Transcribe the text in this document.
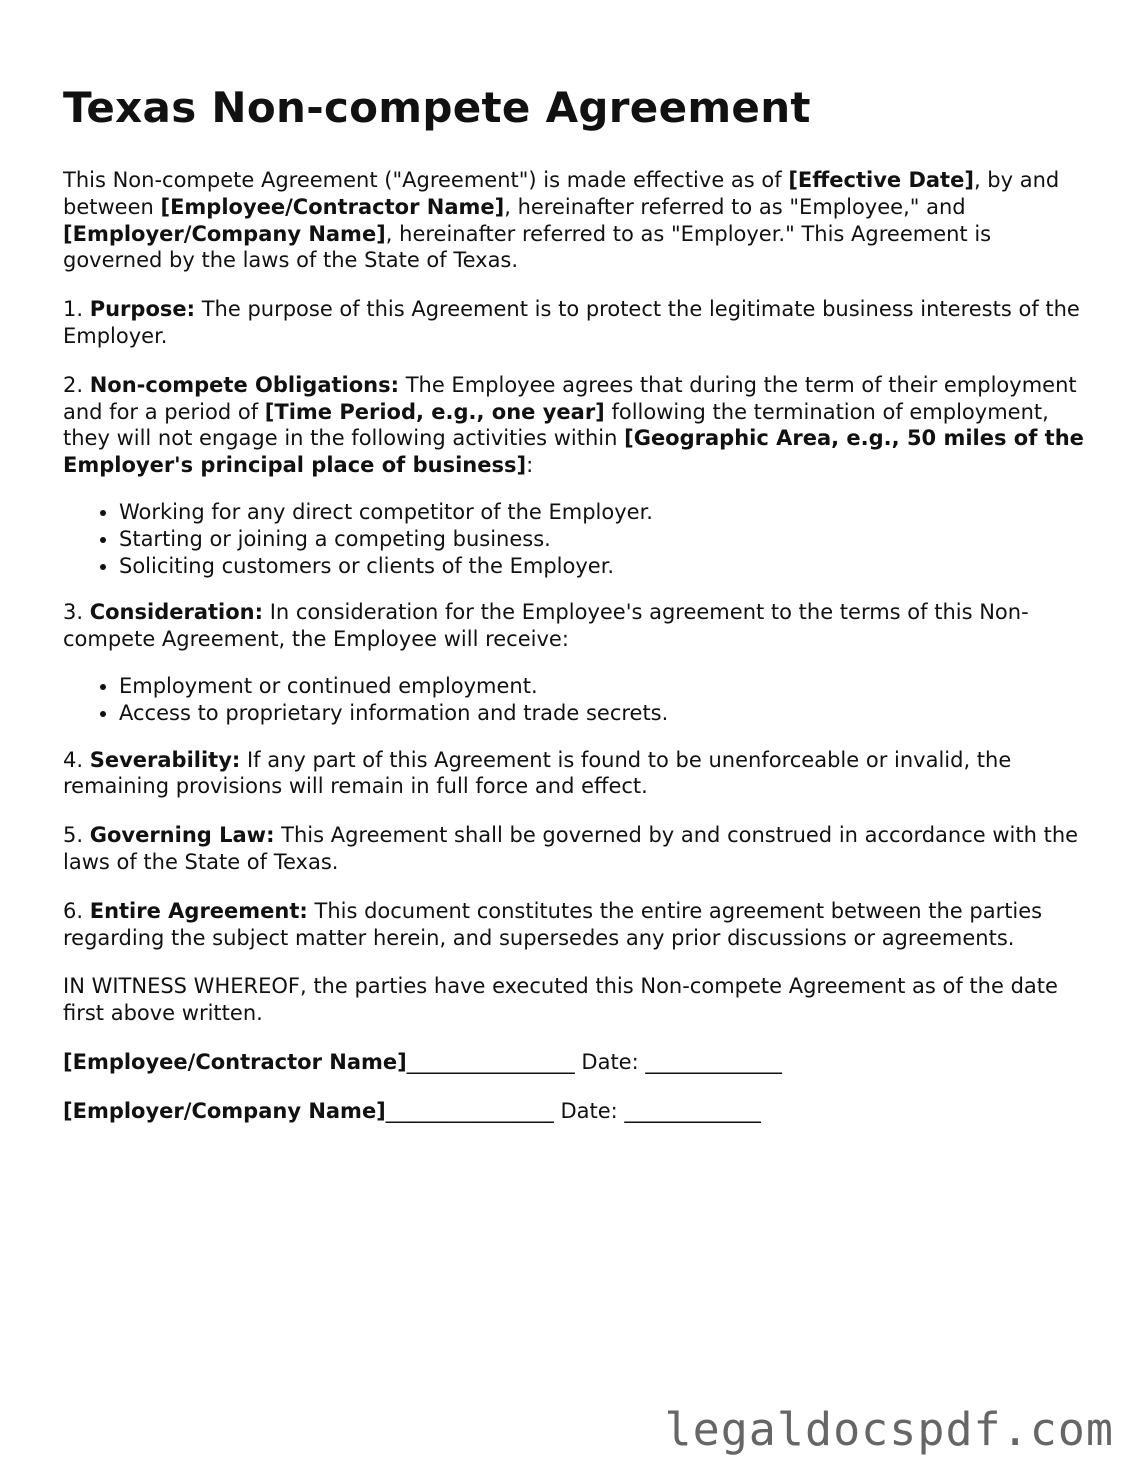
Texas Non-compete Agreement

This Non-compete Agreement ("Agreement") is made effective as of [Effective Date], by and between [Employee/Contractor Name], hereinafter referred to as "Employee," and [Employer/Company Name], hereinafter referred to as "Employer." This Agreement is governed by the laws of the State of Texas.

1. Purpose: The purpose of this Agreement is to protect the legitimate business interests of the Employer.

2. Non-compete Obligations: The Employee agrees that during the term of their employment and for a period of [Time Period, e.g., one year] following the termination of employment, they will not engage in the following activities within [Geographic Area, e.g., 50 miles of the Employer's principal place of business]:

• Working for any direct competitor of the Employer.
• Starting or joining a competing business.
• Soliciting customers or clients of the Employer.

3. Consideration: In consideration for the Employee's agreement to the terms of this Non-compete Agreement, the Employee will receive:

• Employment or continued employment.
• Access to proprietary information and trade secrets.

4. Severability: If any part of this Agreement is found to be unenforceable or invalid, the remaining provisions will remain in full force and effect.

5. Governing Law: This Agreement shall be governed by and construed in accordance with the laws of the State of Texas.

6. Entire Agreement: This document constitutes the entire agreement between the parties regarding the subject matter herein, and supersedes any prior discussions or agreements.

IN WITNESS WHEREOF, the parties have executed this Non-compete Agreement as of the date first above written.

[Employee/Contractor Name]________________ Date: _____________

[Employer/Company Name]________________ Date: _____________

legaldocspdf.com
